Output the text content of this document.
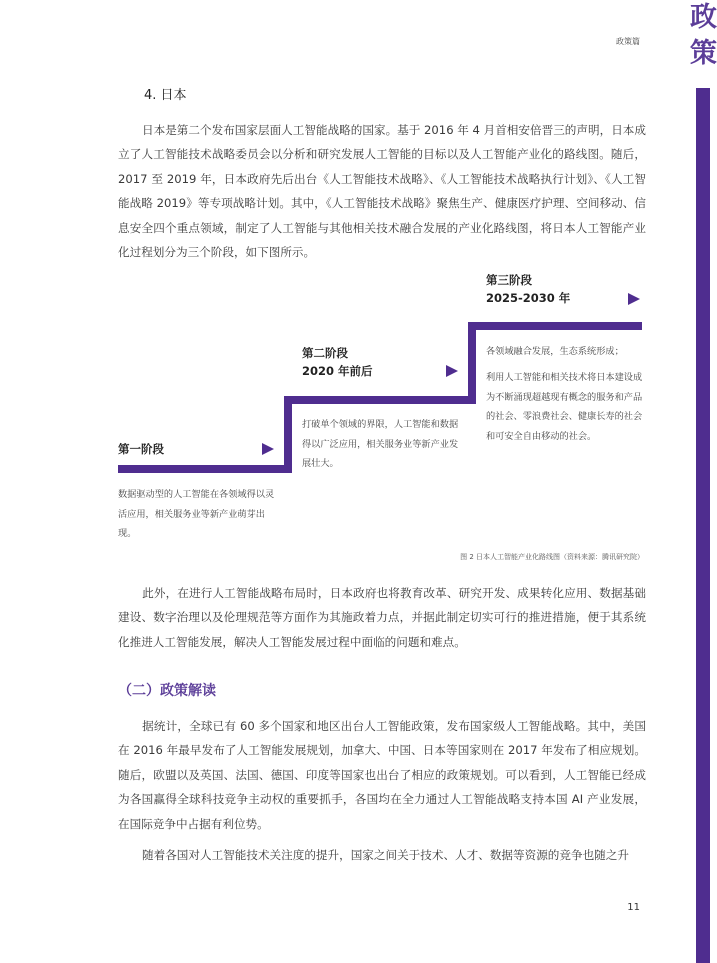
政策篇
政策
4. 日本
日本是第二个发布国家层面人工智能战略的国家。基于 2016 年 4 月首相安倍晋三的声明，日本成立了人工智能技术战略委员会以分析和研究发展人工智能的目标以及人工智能产业化的路线图。随后，2017 至 2019 年，日本政府先后出台《人工智能技术战略》、《人工智能技术战略执行计划》、《人工智能战略 2019》等专项战略计划。其中，《人工智能技术战略》聚焦生产、健康医疗护理、空间移动、信息安全四个重点领域，制定了人工智能与其他相关技术融合发展的产业化路线图，将日本人工智能产业化过程划分为三个阶段，如下图所示。
第一阶段
数据驱动型的人工智能在各领域得以灵活应用，相关服务业等新产业萌芽出现。
第二阶段
2020 年前后
打破单个领域的界限，人工智能和数据得以广泛应用，相关服务业等新产业发展壮大。
第三阶段
2025-2030 年
各领域融合发展，生态系统形成；
利用人工智能和相关技术将日本建设成为不断涌现超越现有概念的服务和产品的社会、零浪费社会、健康长寿的社会和可安全自由移动的社会。
图 2 日本人工智能产业化路线图（资料来源：腾讯研究院）
此外，在进行人工智能战略布局时，日本政府也将教育改革、研究开发、成果转化应用、数据基础建设、数字治理以及伦理规范等方面作为其施政着力点，并据此制定切实可行的推进措施，便于其系统化推进人工智能发展，解决人工智能发展过程中面临的问题和难点。
（二）政策解读
据统计，全球已有 60 多个国家和地区出台人工智能政策，发布国家级人工智能战略。其中，美国在 2016 年最早发布了人工智能发展规划，加拿大、中国、日本等国家则在 2017 年发布了相应规划。随后，欧盟以及英国、法国、德国、印度等国家也出台了相应的政策规划。可以看到，人工智能已经成为各国赢得全球科技竞争主动权的重要抓手，各国均在全力通过人工智能战略支持本国 AI 产业发展，在国际竞争中占据有利位势。
随着各国对人工智能技术关注度的提升，国家之间关于技术、人才、数据等资源的竞争也随之升
11
